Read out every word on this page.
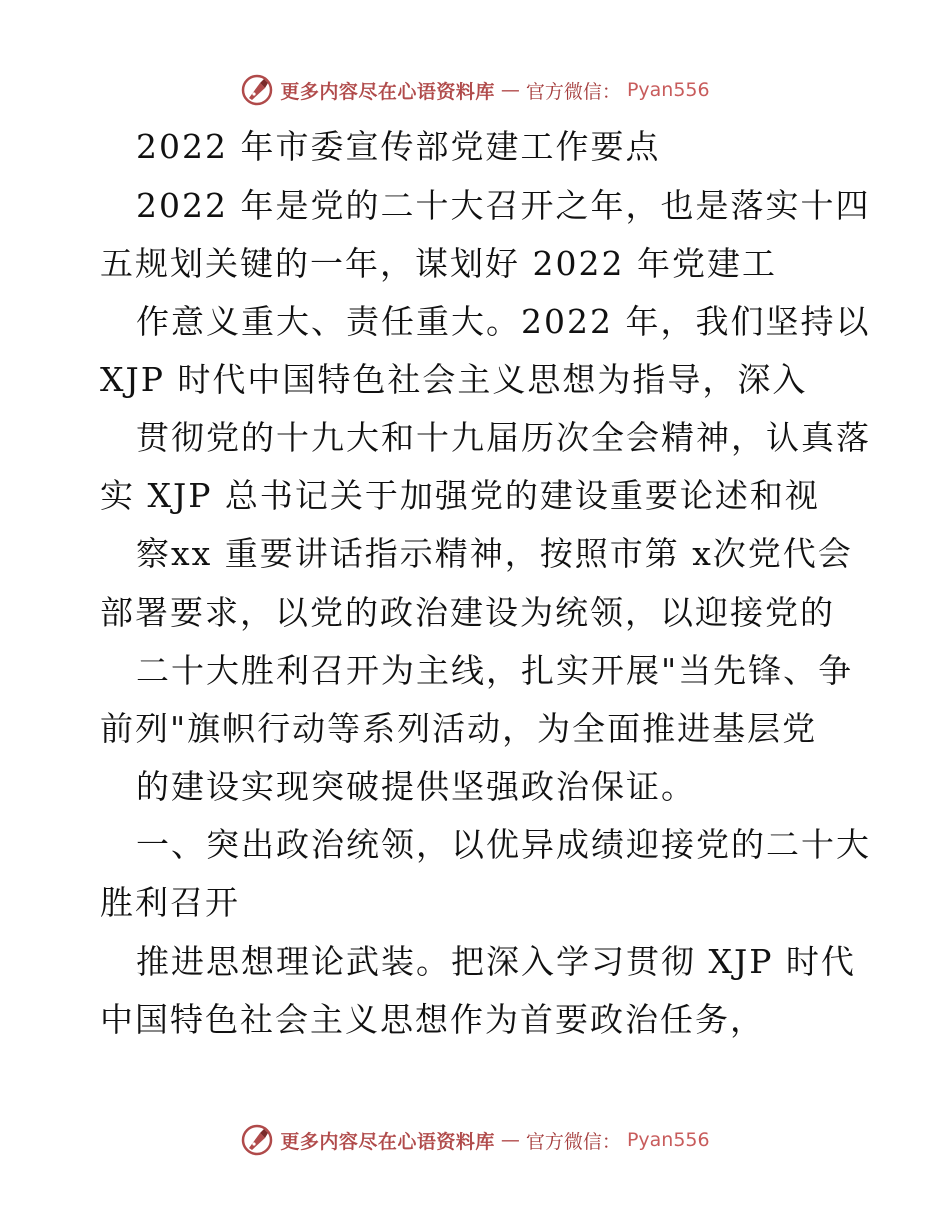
更多内容尽在心语资料库 — 官方微信： Pyan556
2022 年市委宣传部党建工作要点
2022 年是党的二十大召开之年，也是落实十四
五规划关键的一年，谋划好 2022 年党建工
作意义重大、责任重大。2022 年，我们坚持以
XJP 时代中国特色社会主义思想为指导，深入
贯彻党的十九大和十九届历次全会精神，认真落
实 XJP 总书记关于加强党的建设重要论述和视
察xx 重要讲话指示精神，按照市第 x次党代会
部署要求，以党的政治建设为统领，以迎接党的
二十大胜利召开为主线，扎实开展"当先锋、争
前列"旗帜行动等系列活动，为全面推进基层党
的建设实现突破提供坚强政治保证。
一、突出政治统领，以优异成绩迎接党的二十大
胜利召开
推进思想理论武装。把深入学习贯彻 XJP 时代
中国特色社会主义思想作为首要政治任务，
更多内容尽在心语资料库 — 官方微信： Pyan556
